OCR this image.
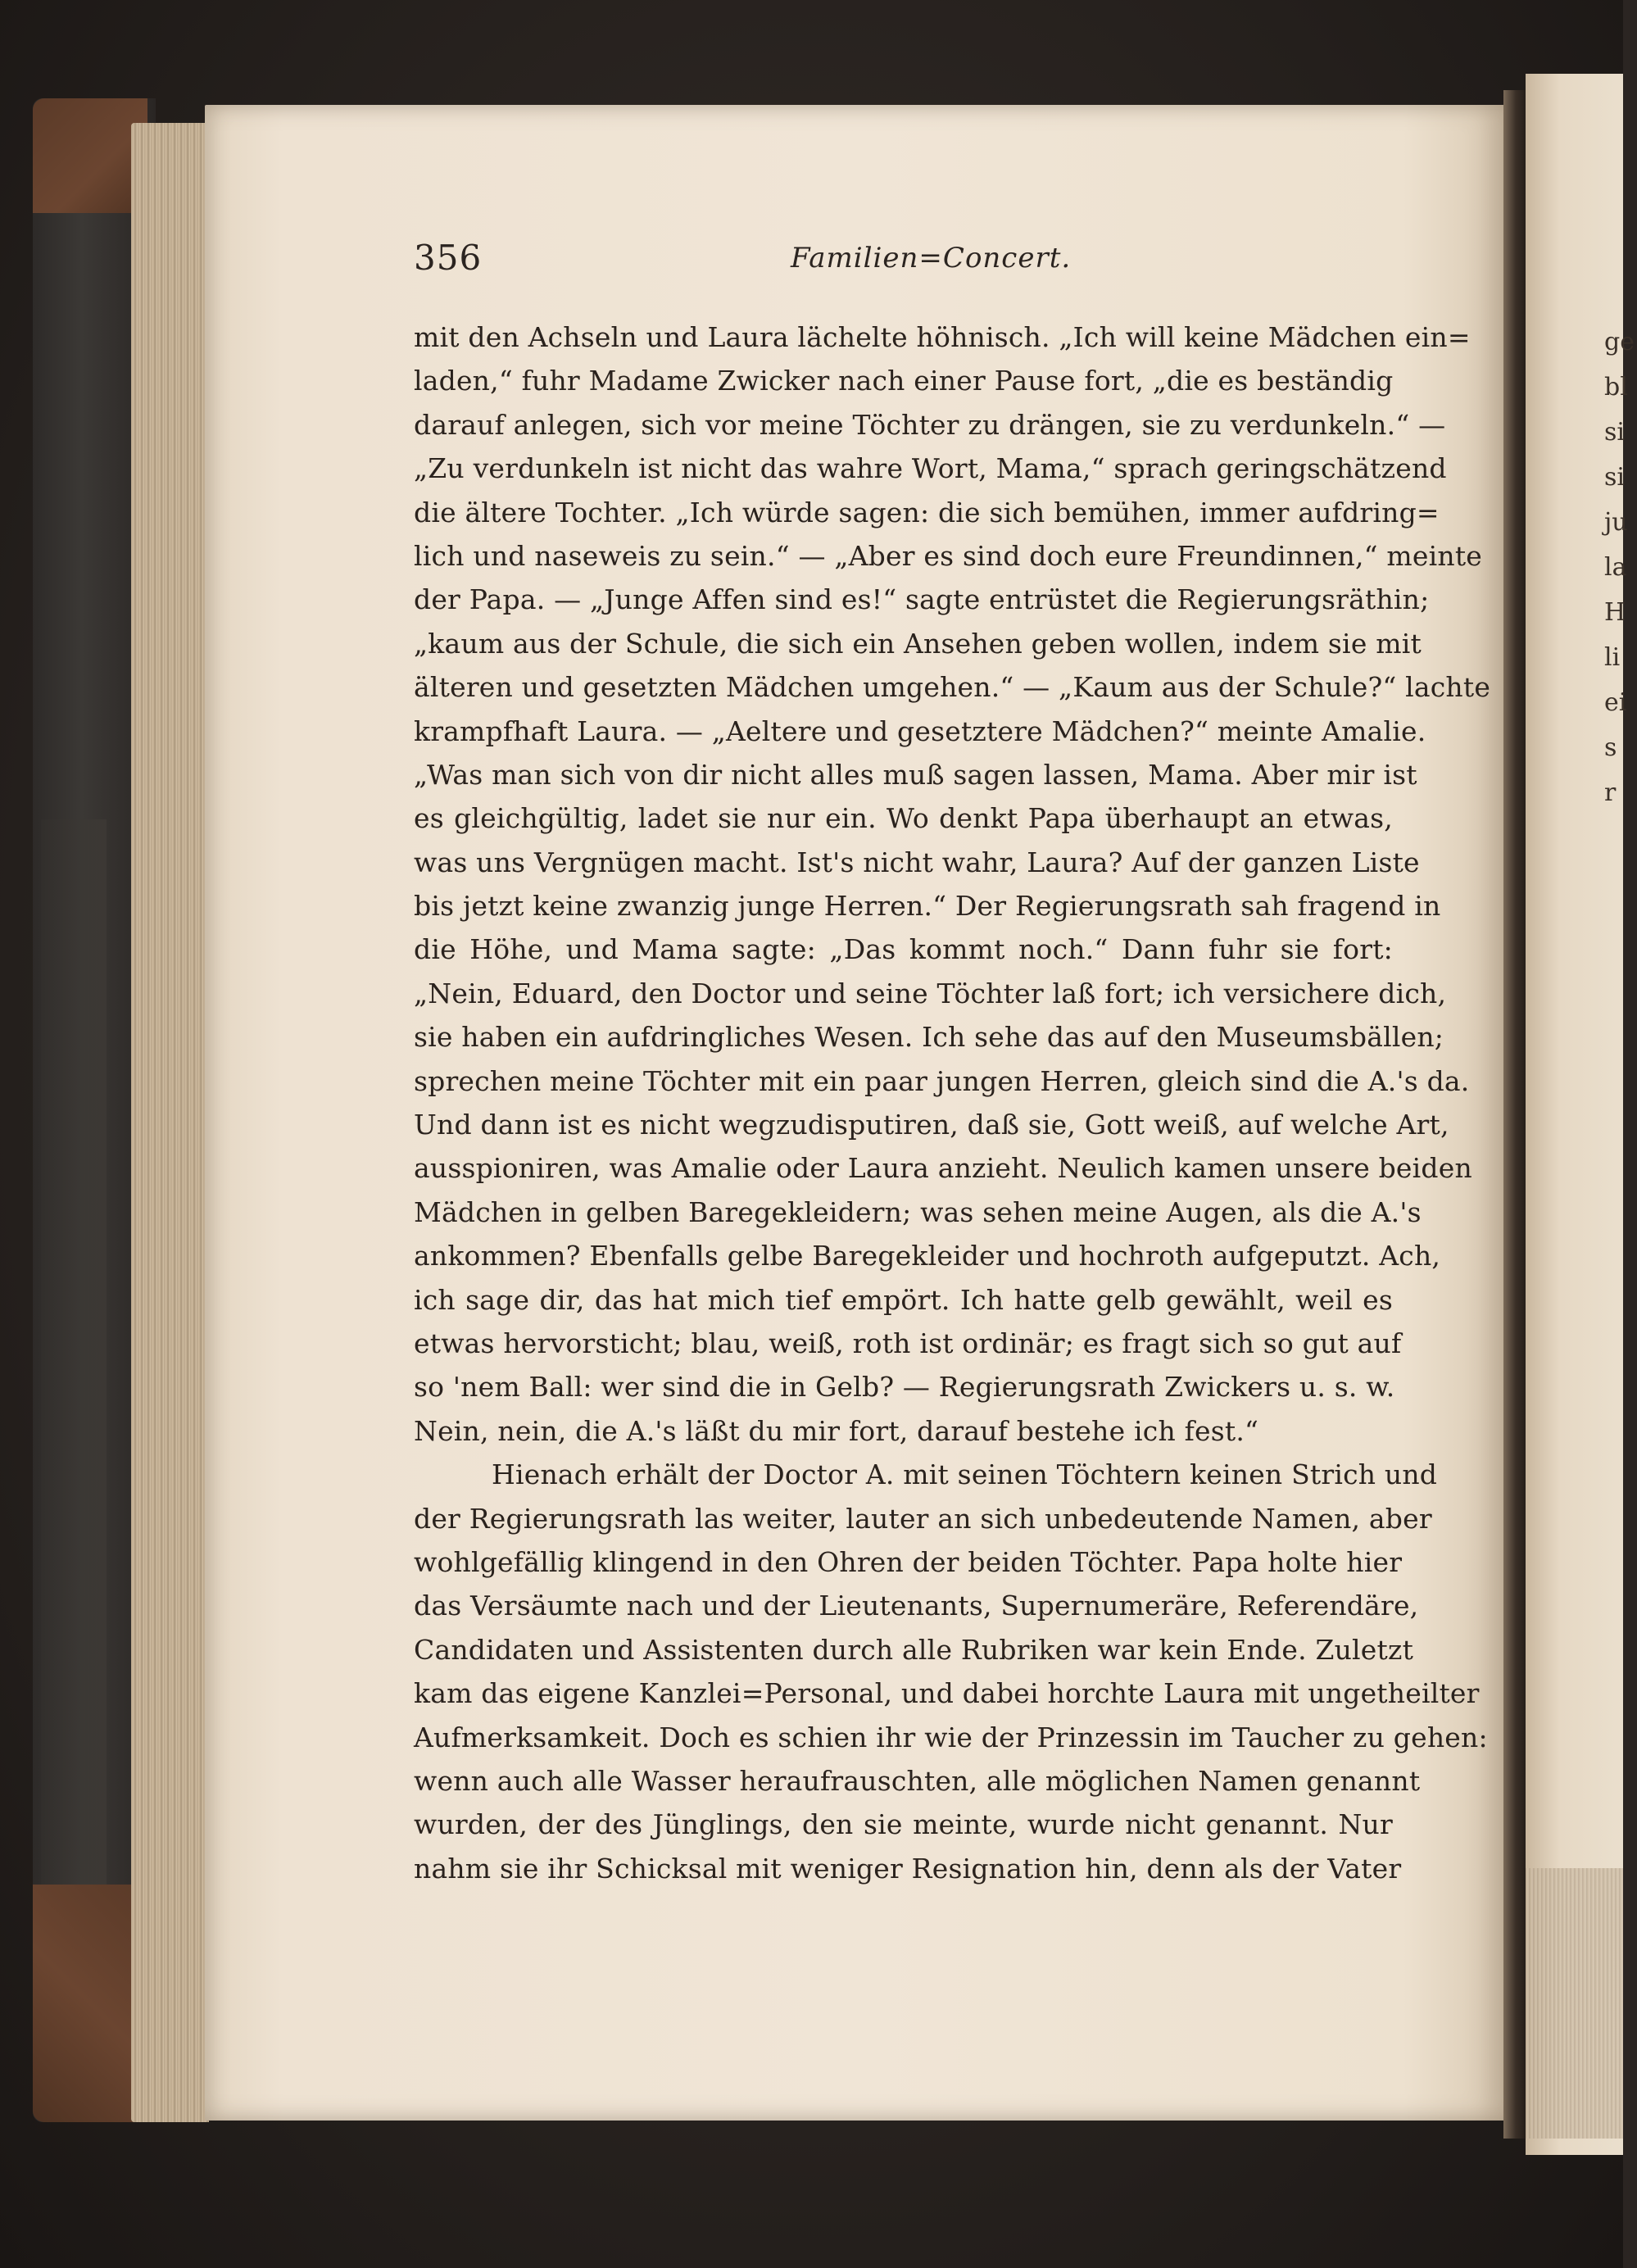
ge
bl
si
si
ju
la
H
li
ei
s
r
356	Familien=Concert.
mit den Achseln und Laura lächelte höhnisch. „Ich will keine Mädchen ein=
laden,“ fuhr Madame Zwicker nach einer Pause fort, „die es beständig
darauf anlegen, sich vor meine Töchter zu drängen, sie zu verdunkeln.“ —
„Zu verdunkeln ist nicht das wahre Wort, Mama,“ sprach geringschätzend
die ältere Tochter. „Ich würde sagen: die sich bemühen, immer aufdring=
lich und naseweis zu sein.“ — „Aber es sind doch eure Freundinnen,“ meinte
der Papa. — „Junge Affen sind es!“ sagte entrüstet die Regierungsräthin;
„kaum aus der Schule, die sich ein Ansehen geben wollen, indem sie mit
älteren und gesetzten Mädchen umgehen.“ — „Kaum aus der Schule?“ lachte
krampfhaft Laura. — „Aeltere und gesetztere Mädchen?“ meinte Amalie.
„Was man sich von dir nicht alles muß sagen lassen, Mama. Aber mir ist
es gleichgültig, ladet sie nur ein. Wo denkt Papa überhaupt an etwas,
was uns Vergnügen macht. Ist's nicht wahr, Laura? Auf der ganzen Liste
bis jetzt keine zwanzig junge Herren.“ Der Regierungsrath sah fragend in
die Höhe, und Mama sagte: „Das kommt noch.“ Dann fuhr sie fort:
„Nein, Eduard, den Doctor und seine Töchter laß fort; ich versichere dich,
sie haben ein aufdringliches Wesen. Ich sehe das auf den Museumsbällen;
sprechen meine Töchter mit ein paar jungen Herren, gleich sind die A.'s da.
Und dann ist es nicht wegzudisputiren, daß sie, Gott weiß, auf welche Art,
ausspioniren, was Amalie oder Laura anzieht. Neulich kamen unsere beiden
Mädchen in gelben Baregekleidern; was sehen meine Augen, als die A.'s
ankommen? Ebenfalls gelbe Baregekleider und hochroth aufgeputzt. Ach,
ich sage dir, das hat mich tief empört. Ich hatte gelb gewählt, weil es
etwas hervorsticht; blau, weiß, roth ist ordinär; es fragt sich so gut auf
so 'nem Ball: wer sind die in Gelb? — Regierungsrath Zwickers u. s. w.
Nein, nein, die A.'s läßt du mir fort, darauf bestehe ich fest.“
Hienach erhält der Doctor A. mit seinen Töchtern keinen Strich und
der Regierungsrath las weiter, lauter an sich unbedeutende Namen, aber
wohlgefällig klingend in den Ohren der beiden Töchter. Papa holte hier
das Versäumte nach und der Lieutenants, Supernumeräre, Referendäre,
Candidaten und Assistenten durch alle Rubriken war kein Ende. Zuletzt
kam das eigene Kanzlei=Personal, und dabei horchte Laura mit ungetheilter
Aufmerksamkeit. Doch es schien ihr wie der Prinzessin im Taucher zu gehen:
wenn auch alle Wasser heraufrauschten, alle möglichen Namen genannt
wurden, der des Jünglings, den sie meinte, wurde nicht genannt. Nur
nahm sie ihr Schicksal mit weniger Resignation hin, denn als der Vater
